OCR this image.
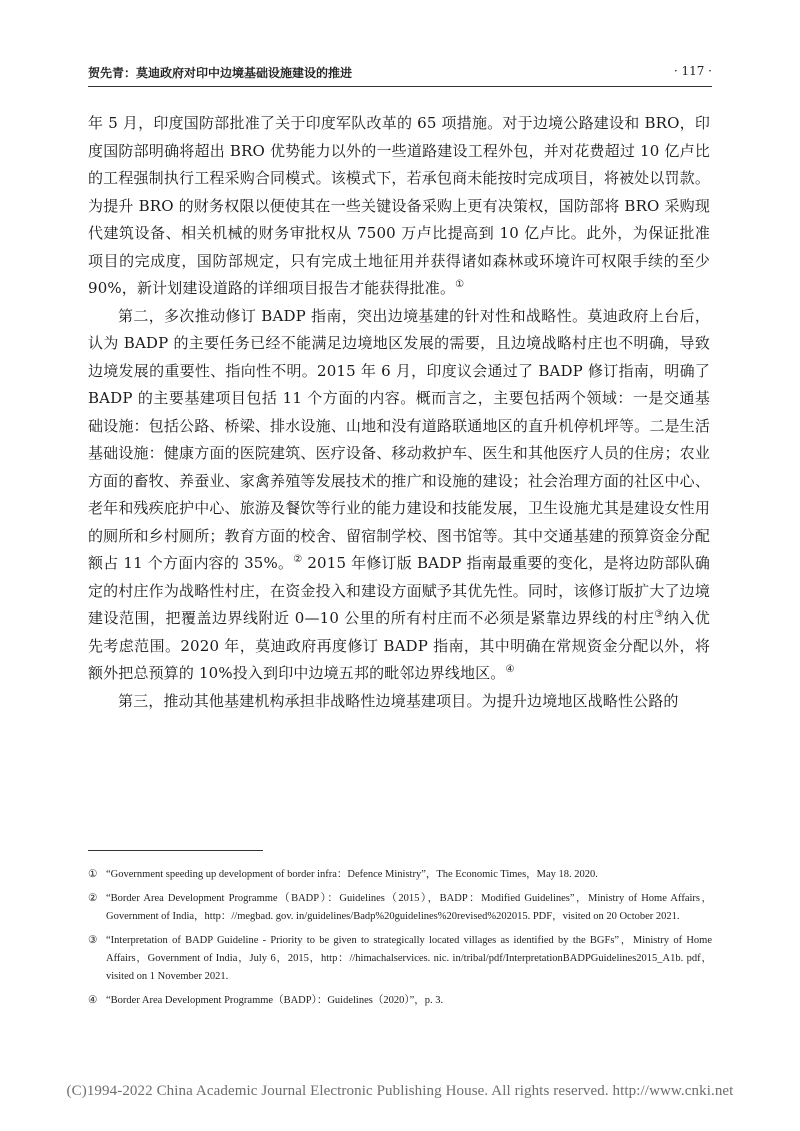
贺先青：莫迪政府对印中边境基础设施建设的推进	· 117 ·

年 5 月，印度国防部批准了关于印度军队改革的 65 项措施。对于边境公路建设和 BRO，印度国防部明确将超出 BRO 优势能力以外的一些道路建设工程外包，并对花费超过 10 亿卢比的工程强制执行工程采购合同模式。该模式下，若承包商未能按时完成项目，将被处以罚款。为提升 BRO 的财务权限以便使其在一些关键设备采购上更有决策权，国防部将 BRO 采购现代建筑设备、相关机械的财务审批权从 7500 万卢比提高到 10 亿卢比。此外，为保证批准项目的完成度，国防部规定，只有完成土地征用并获得诸如森林或环境许可权限手续的至少 90%，新计划建设道路的详细项目报告才能获得批准。①

第二，多次推动修订 BADP 指南，突出边境基建的针对性和战略性。莫迪政府上台后，认为 BADP 的主要任务已经不能满足边境地区发展的需要，且边境战略村庄也不明确，导致边境发展的重要性、指向性不明。2015 年 6 月，印度议会通过了 BADP 修订指南，明确了 BADP 的主要基建项目包括 11 个方面的内容。概而言之，主要包括两个领域：一是交通基础设施：包括公路、桥梁、排水设施、山地和没有道路联通地区的直升机停机坪等。二是生活基础设施：健康方面的医院建筑、医疗设备、移动救护车、医生和其他医疗人员的住房；农业方面的畜牧、养蚕业、家禽养殖等发展技术的推广和设施的建设；社会治理方面的社区中心、老年和残疾庇护中心、旅游及餐饮等行业的能力建设和技能发展，卫生设施尤其是建设女性用的厕所和乡村厕所；教育方面的校舍、留宿制学校、图书馆等。其中交通基建的预算资金分配额占 11 个方面内容的 35%。② 2015 年修订版 BADP 指南最重要的变化，是将边防部队确定的村庄作为战略性村庄，在资金投入和建设方面赋予其优先性。同时，该修订版扩大了边境建设范围，把覆盖边界线附近 0—10 公里的所有村庄而不必须是紧靠边界线的村庄③纳入优先考虑范围。2020 年，莫迪政府再度修订 BADP 指南，其中明确在常规资金分配以外，将额外把总预算的 10%投入到印中边境五邦的毗邻边界线地区。④

第三，推动其他基建机构承担非战略性边境基建项目。为提升边境地区战略性公路的

① “Government speeding up development of border infra：Defence Ministry”，The Economic Times，May 18. 2020.
② “Border Area Development Programme（BADP）：Guidelines（2015），BADP：Modified Guidelines”，Ministry of Home Affairs，Government of India，http：//megbad. gov. in/guidelines/Badp%20guidelines%20revised%202015. PDF，visited on 20 October 2021.
③ “Interpretation of BADP Guideline - Priority to be given to strategically located villages as identified by the BGFs”，Ministry of Home Affairs，Government of India，July 6，2015，http：//himachalservices. nic. in/tribal/pdf/InterpretationBADPGuidelines2015_A1b. pdf，visited on 1 November 2021.
④ “Border Area Development Programme（BADP）：Guidelines（2020）”，p. 3.
(C)1994-2022 China Academic Journal Electronic Publishing House. All rights reserved. http://www.cnki.net
